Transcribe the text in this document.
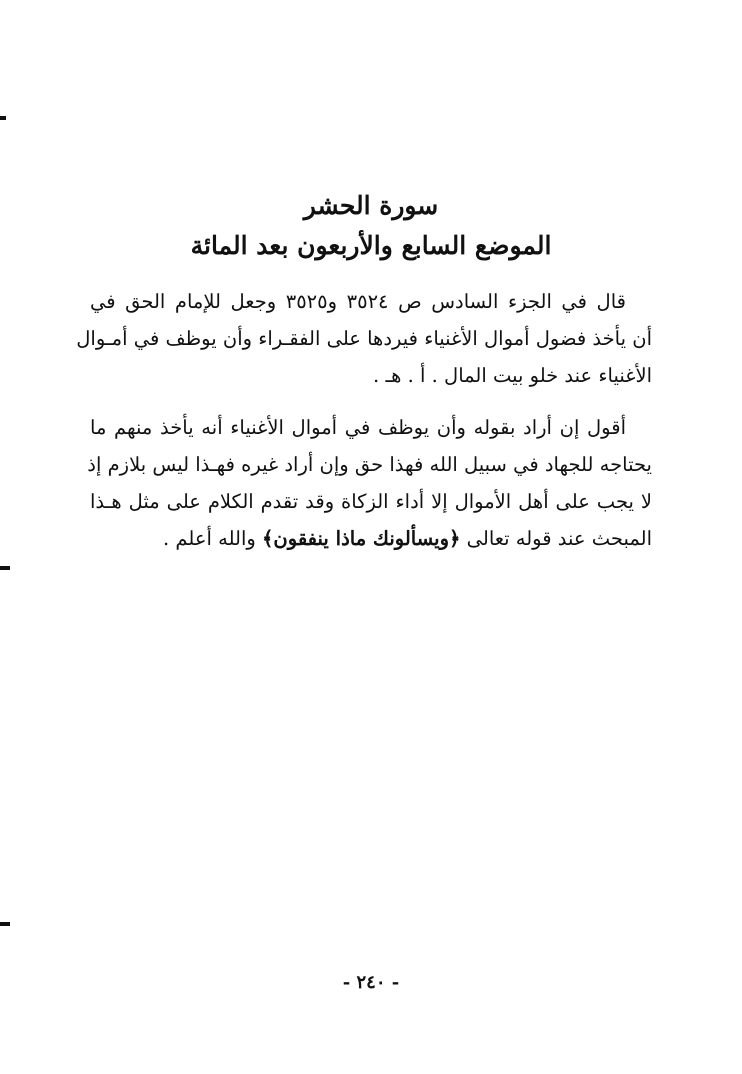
سورة الحشر
الموضع السابع والأربعون بعد المائة
قال في الجزء السادس ص ٣٥٢٤ و٣٥٢٥ وجعل للإمام الحق في
أن يأخذ فضول أموال الأغنياء فيردها على الفقـراء وأن يوظف في أمـوال
الأغنياء عند خلو بيت المال . أ . هـ .
أقول إن أراد بقوله وأن يوظف في أموال الأغنياء أنه يأخذ منهم ما
يحتاجه للجهاد في سبيل الله فهذا حق وإن أراد غيره فهـذا ليس بلازم إذ
لا يجب على أهل الأموال إلا أداء الزكاة وقد تقدم الكلام على مثل هـذا
المبحث عند قوله تعالى ﴿ويسألونك ماذا ينفقون﴾ والله أعلم .
- ٢٤٠ -
